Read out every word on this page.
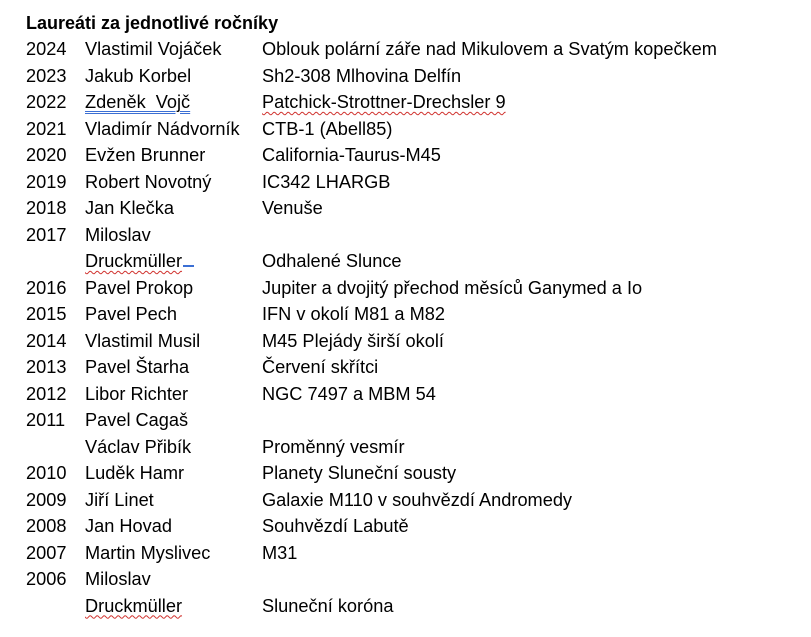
Laureáti za jednotlivé ročníky
2024	Vlastimil Vojáček	Oblouk polární záře nad Mikulovem a Svatým kopečkem
2023	Jakub Korbel	Sh2-308 Mlhovina Delfín
2022	Zdeněk  Vojč	Patchick-Strottner-Drechsler 9
2021	Vladimír Nádvorník	CTB-1 (Abell85)
2020	Evžen Brunner	California-Taurus-M45
2019	Robert Novotný	IC342 LHARGB
2018	Jan Klečka	Venuše
2017	Miloslav	
	Druckmüller	Odhalené Slunce
2016	Pavel Prokop	Jupiter a dvojitý přechod měsíců Ganymed a Io
2015	Pavel Pech	IFN v okolí M81 a M82
2014	Vlastimil Musil	M45 Plejády širší okolí
2013	Pavel Štarha	Červení skřítci
2012	Libor Richter	NGC 7497 a MBM 54
2011	Pavel Cagaš	
	Václav Přibík	Proměnný vesmír
2010	Luděk Hamr	Planety Sluneční sousty
2009	Jiří Linet	Galaxie M110 v souhvězdí Andromedy
2008	Jan Hovad	Souhvězdí Labutě
2007	Martin Myslivec	M31
2006	Miloslav	
	Druckmüller	Sluneční koróna
